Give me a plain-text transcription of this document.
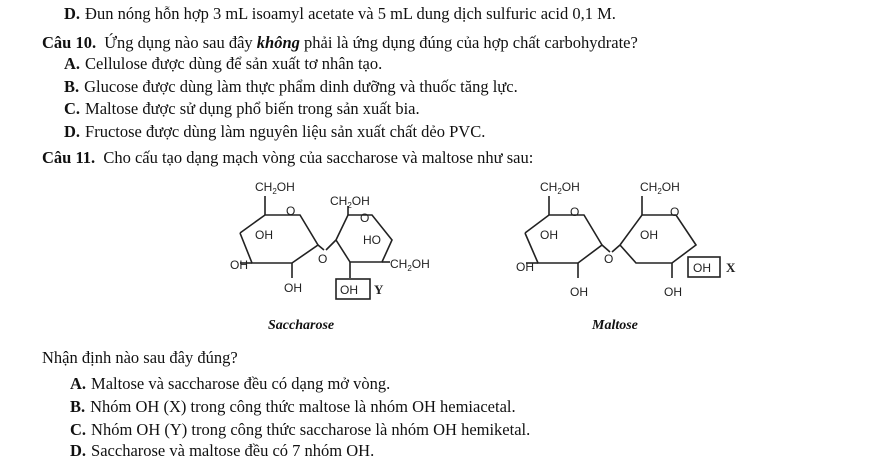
D. Đun nóng hỗn hợp 3 mL isoamyl acetate và 5 mL dung dịch sulfuric acid 0,1 M.
Câu 10. Ứng dụng nào sau đây không phải là ứng dụng đúng của hợp chất carbohydrate?
A. Cellulose được dùng để sản xuất tơ nhân tạo.
B. Glucose được dùng làm thực phẩm dinh dưỡng và thuốc tăng lực.
C. Maltose được sử dụng phổ biến trong sản xuất bia.
D. Fructose được dùng làm nguyên liệu sản xuất chất dẻo PVC.
Câu 11. Cho cấu tạo dạng mạch vòng của saccharose và maltose như sau:
$CH_2OH$
$CH_2OH$
O	O
OH	HO
OH	O	$CH_2OH$
OH	OH Y
$CH_2OH$	$CH_2OH$
O	O
OH	OH
OH
O
OH	OH
OH X
Saccharose	Maltose
Nhận định nào sau đây đúng?
A. Maltose và saccharose đều có dạng mở vòng.
B. Nhóm OH (X) trong công thức maltose là nhóm OH hemiacetal.
C. Nhóm OH (Y) trong công thức saccharose là nhóm OH hemiketal.
D. Saccharose và maltose đều có 7 nhóm OH.
